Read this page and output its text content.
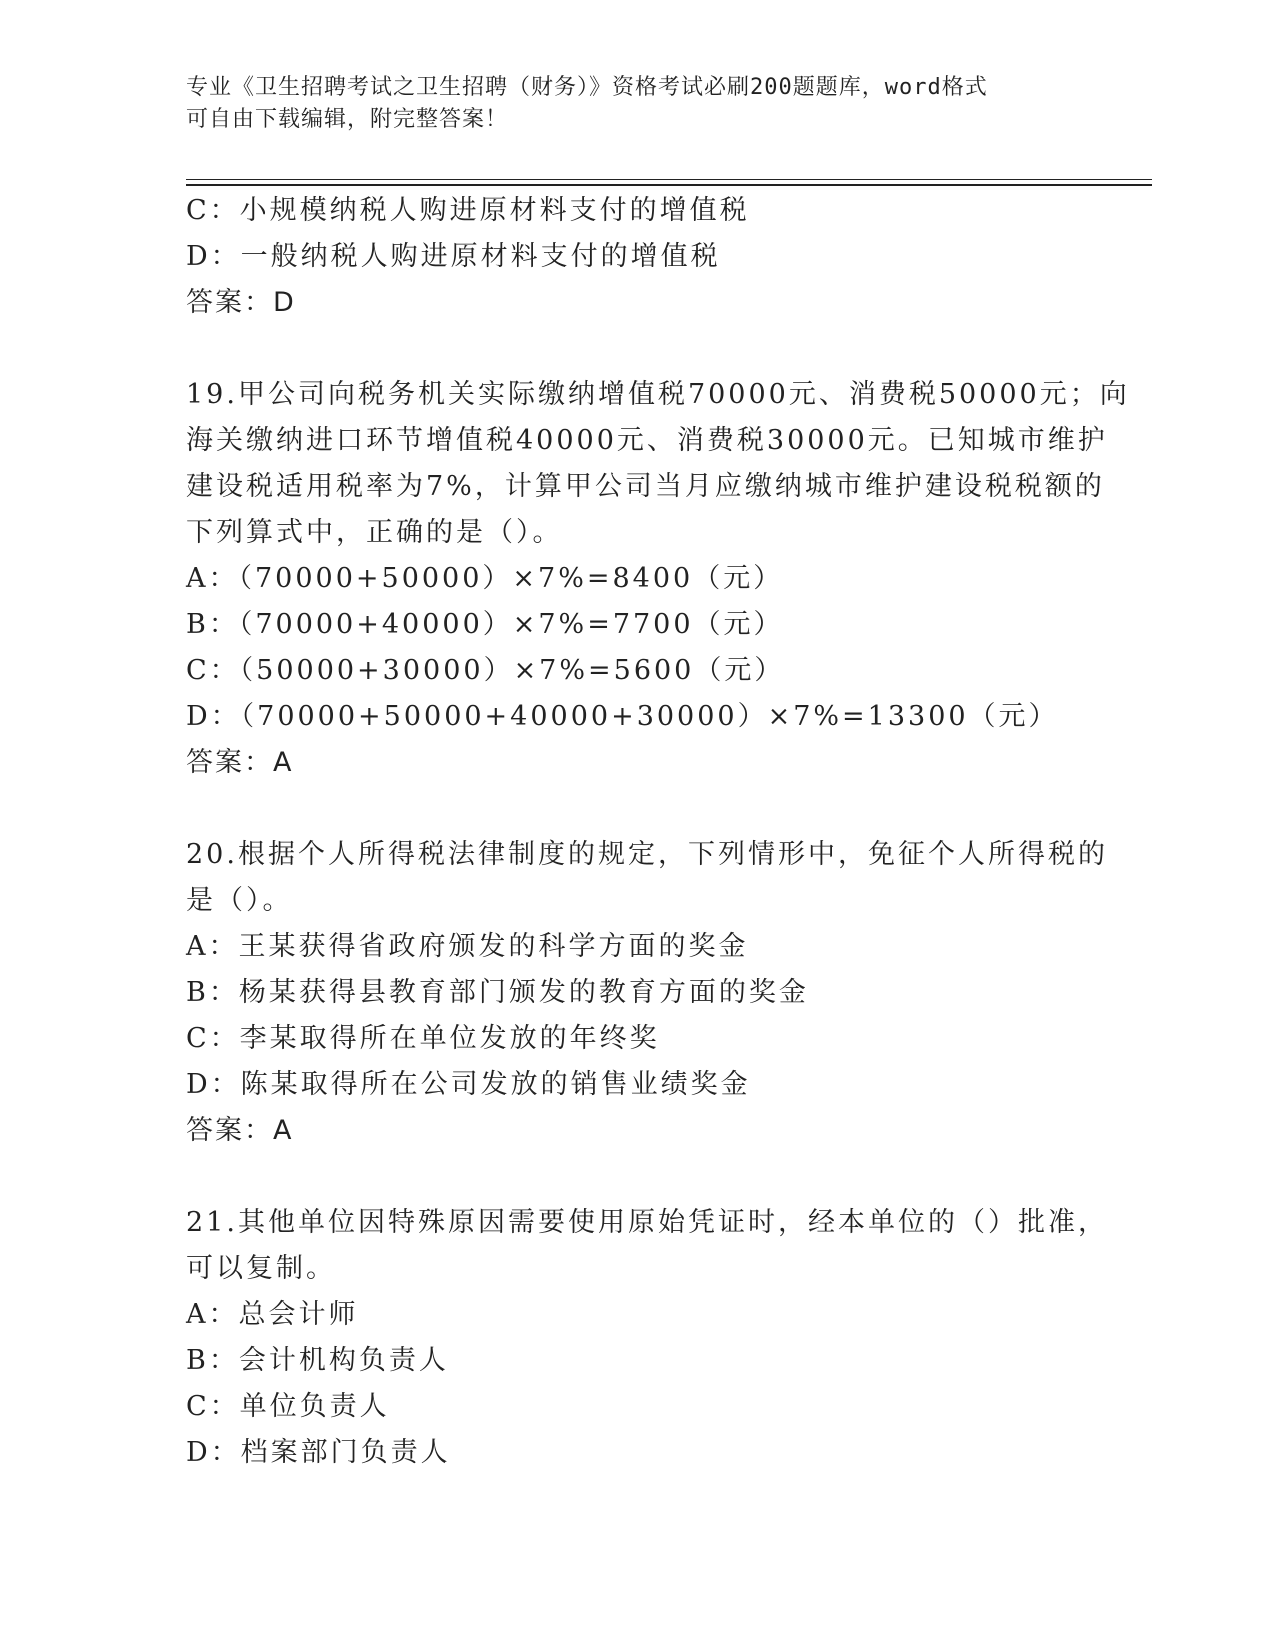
专业《卫生招聘考试之卫生招聘（财务）》资格考试必刷200题题库，word格式
可自由下载编辑，附完整答案！
C：小规模纳税人购进原材料支付的增值税
D：一般纳税人购进原材料支付的增值税
答案：D
19.甲公司向税务机关实际缴纳增值税70000元、消费税50000元；向
海关缴纳进口环节增值税40000元、消费税30000元。已知城市维护
建设税适用税率为7%，计算甲公司当月应缴纳城市维护建设税税额的
下列算式中，正确的是（）。
A：（70000+50000）×7%=8400（元）
B：（70000+40000）×7%=7700（元）
C：（50000+30000）×7%=5600（元）
D：（70000+50000+40000+30000）×7%=13300（元）
答案：A
20.根据个人所得税法律制度的规定，下列情形中，免征个人所得税的
是（）。
A：王某获得省政府颁发的科学方面的奖金
B：杨某获得县教育部门颁发的教育方面的奖金
C：李某取得所在单位发放的年终奖
D：陈某取得所在公司发放的销售业绩奖金
答案：A
21.其他单位因特殊原因需要使用原始凭证时，经本单位的（）批准，
可以复制。
A：总会计师
B：会计机构负责人
C：单位负责人
D：档案部门负责人
